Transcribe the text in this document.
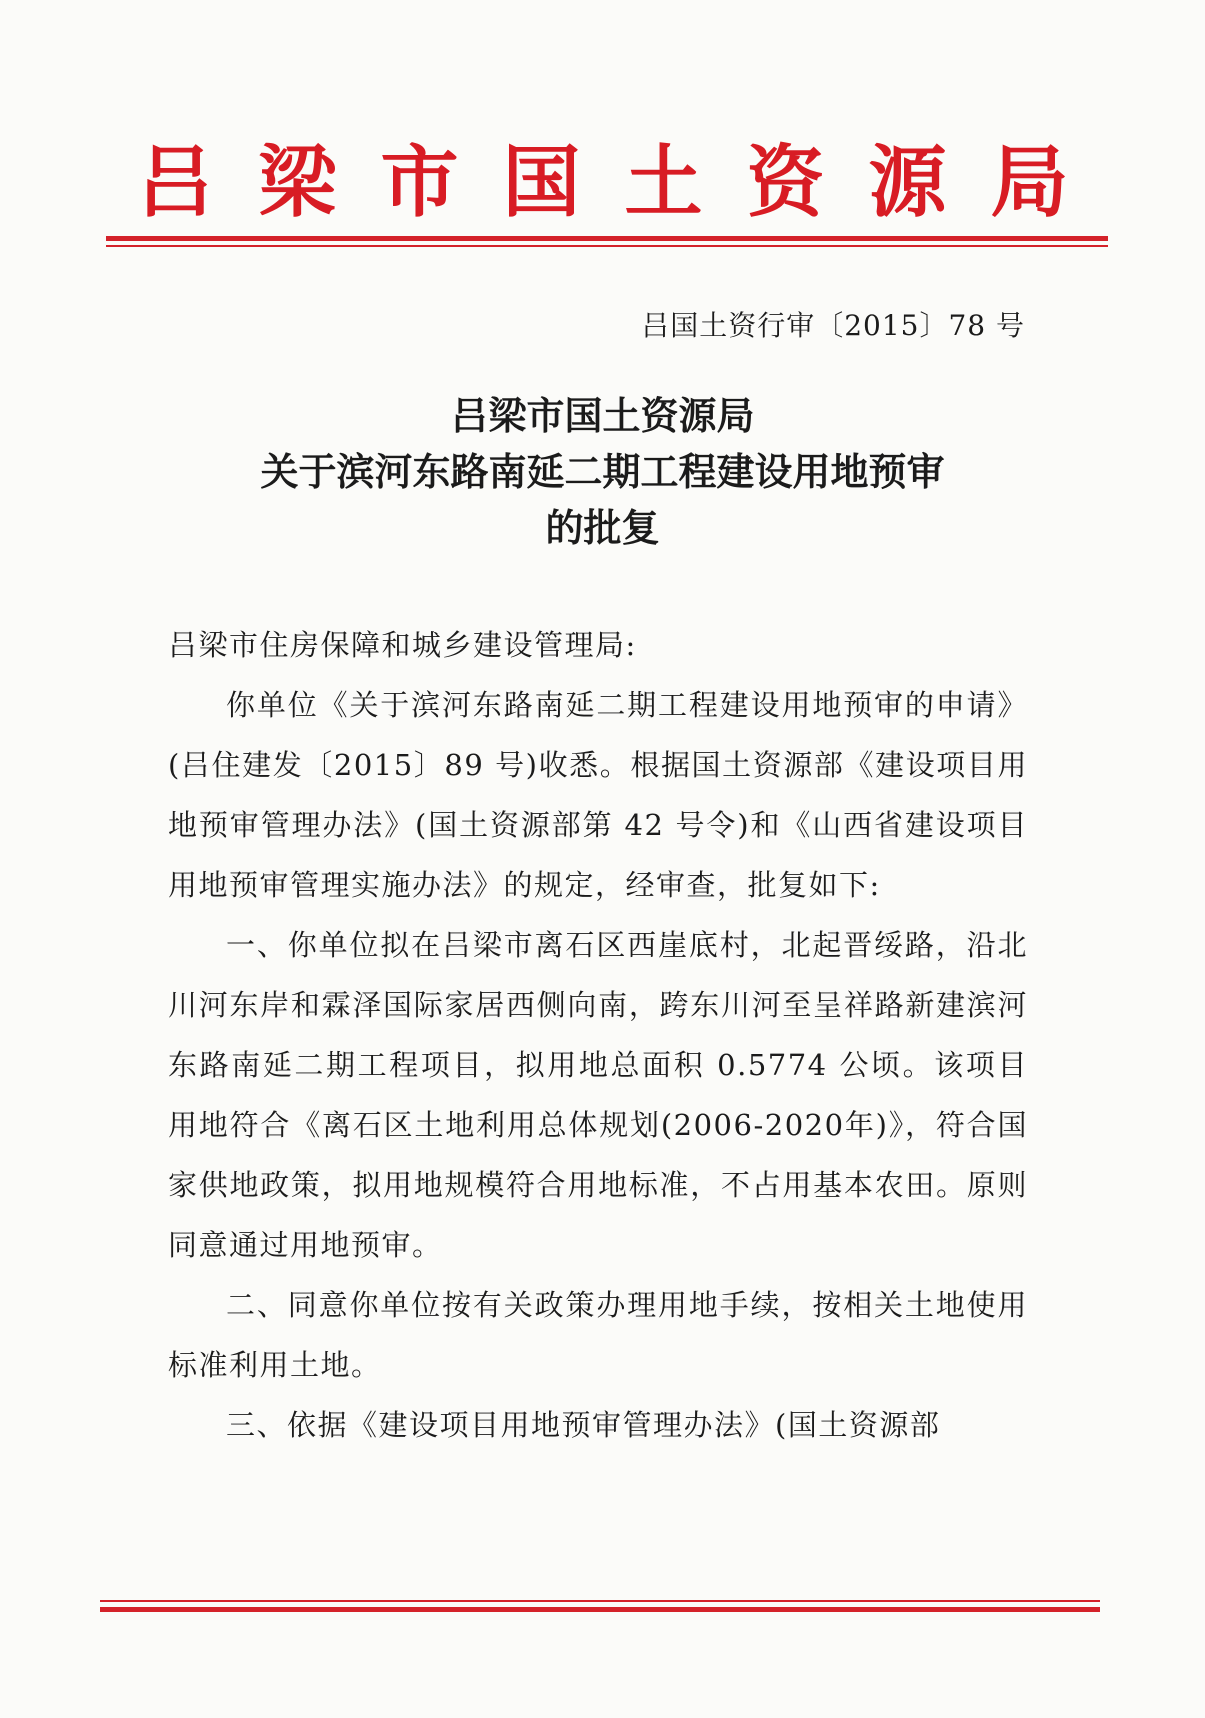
吕梁市国土资源局
吕国土资行审〔2015〕78 号
吕梁市国土资源局
关于滨河东路南延二期工程建设用地预审
的批复

吕梁市住房保障和城乡建设管理局:

你单位《关于滨河东路南延二期工程建设用地预审的申请》(吕住建发〔2015〕89 号)收悉。根据国土资源部《建设项目用地预审管理办法》(国土资源部第 42 号令)和《山西省建设项目用地预审管理实施办法》的规定，经审查，批复如下:

一、你单位拟在吕梁市离石区西崖底村，北起晋绥路，沿北川河东岸和霖泽国际家居西侧向南，跨东川河至呈祥路新建滨河东路南延二期工程项目，拟用地总面积 0.5774 公顷。该项目用地符合《离石区土地利用总体规划(2006-2020年)》，符合国家供地政策，拟用地规模符合用地标准，不占用基本农田。原则同意通过用地预审。

二、同意你单位按有关政策办理用地手续，按相关土地使用标准利用土地。

三、依据《建设项目用地预审管理办法》(国土资源部
